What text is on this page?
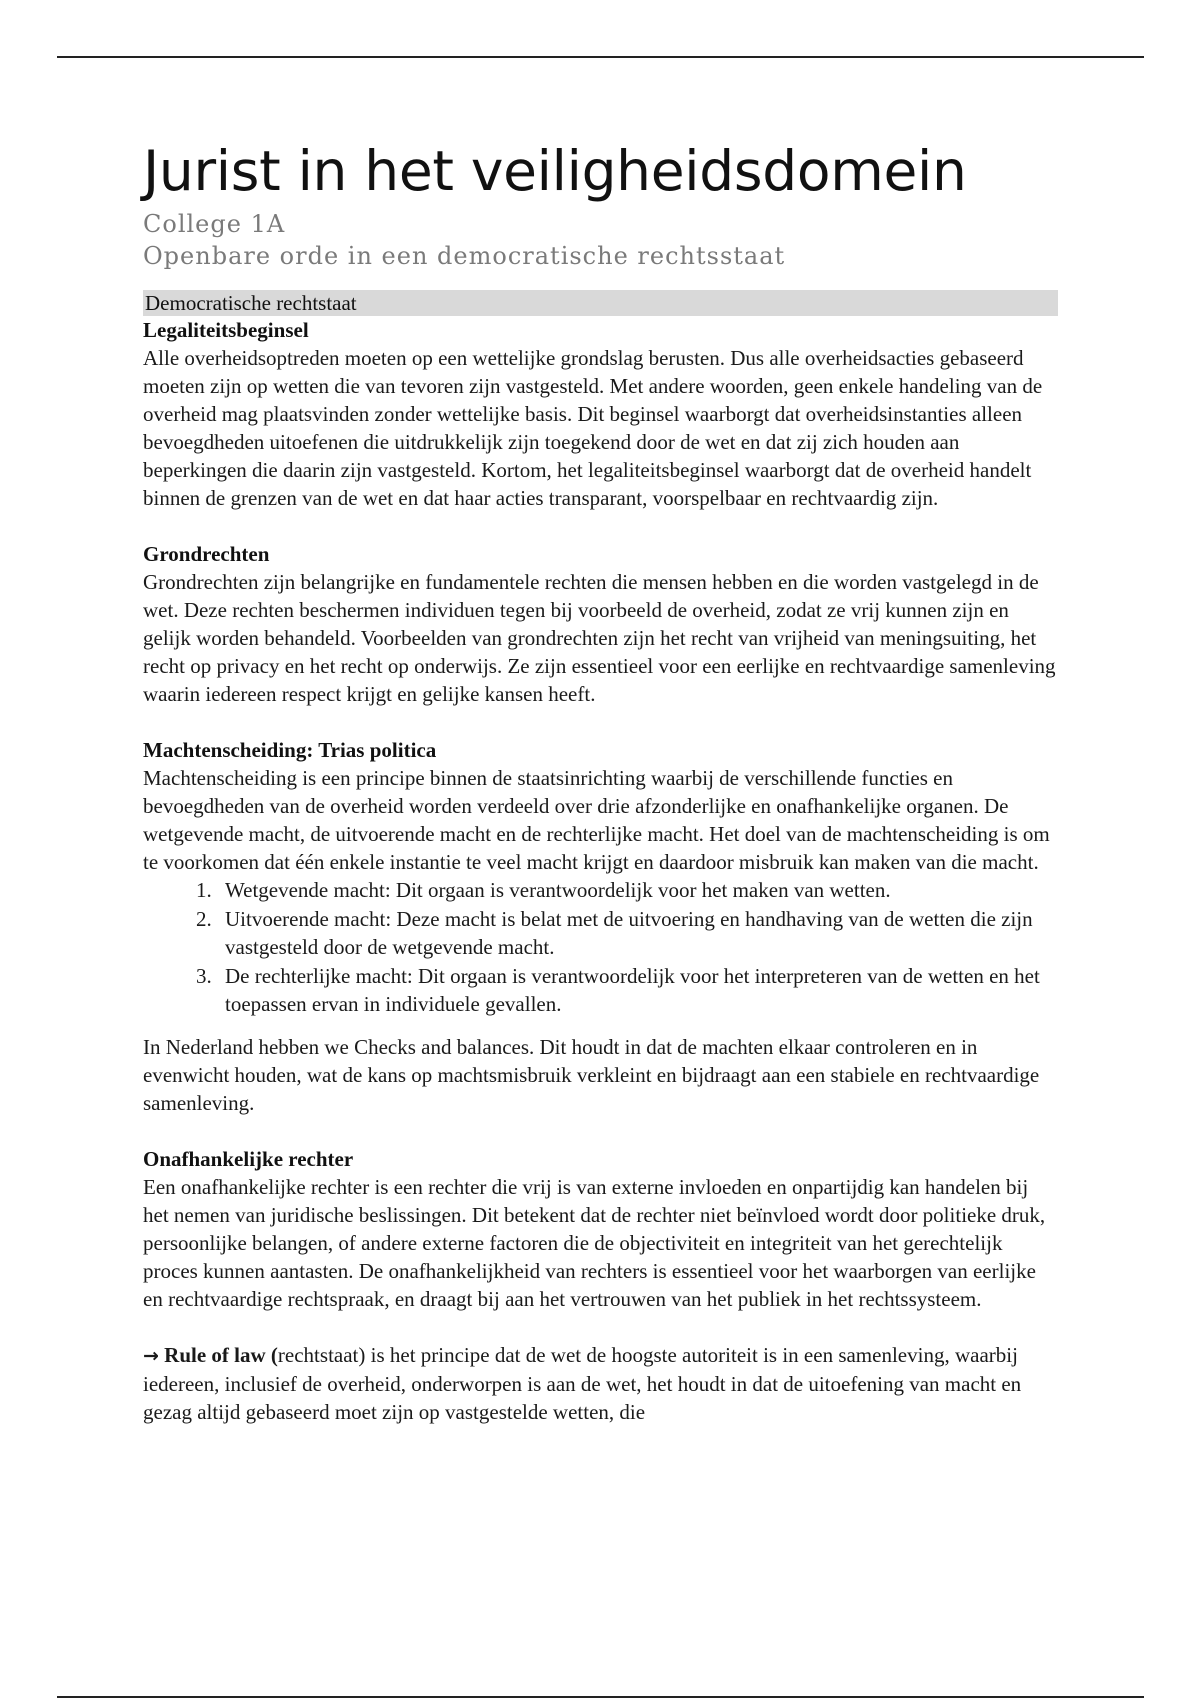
Jurist in het veiligheidsdomein
College 1A
Openbare orde in een democratische rechtsstaat
Democratische rechtstaat

Legaliteitsbeginsel

Alle overheidsoptreden moeten op een wettelijke grondslag berusten. Dus alle overheidsacties gebaseerd moeten zijn op wetten die van tevoren zijn vastgesteld. Met andere woorden, geen enkele handeling van de overheid mag plaatsvinden zonder wettelijke basis. Dit beginsel waarborgt dat overheidsinstanties alleen bevoegdheden uitoefenen die uitdrukkelijk zijn toegekend door de wet en dat zij zich houden aan beperkingen die daarin zijn vastgesteld. Kortom, het legaliteitsbeginsel waarborgt dat de overheid handelt binnen de grenzen van de wet en dat haar acties transparant, voorspelbaar en rechtvaardig zijn.

Grondrechten

Grondrechten zijn belangrijke en fundamentele rechten die mensen hebben en die worden vastgelegd in de wet. Deze rechten beschermen individuen tegen bij voorbeeld de overheid, zodat ze vrij kunnen zijn en gelijk worden behandeld. Voorbeelden van grondrechten zijn het recht van vrijheid van meningsuiting, het recht op privacy en het recht op onderwijs. Ze zijn essentieel voor een eerlijke en rechtvaardige samenleving waarin iedereen respect krijgt en gelijke kansen heeft.

Machtenscheiding: Trias politica

Machtenscheiding is een principe binnen de staatsinrichting waarbij de verschillende functies en bevoegdheden van de overheid worden verdeeld over drie afzonderlijke en onafhankelijke organen. De wetgevende macht, de uitvoerende macht en de rechterlijke macht. Het doel van de machtenscheiding is om te voorkomen dat één enkele instantie te veel macht krijgt en daardoor misbruik kan maken van die macht.

1. Wetgevende macht: Dit orgaan is verantwoordelijk voor het maken van wetten.
2. Uitvoerende macht: Deze macht is belat met de uitvoering en handhaving van de wetten die zijn vastgesteld door de wetgevende macht.
3. De rechterlijke macht: Dit orgaan is verantwoordelijk voor het interpreteren van de wetten en het toepassen ervan in individuele gevallen.

In Nederland hebben we Checks and balances. Dit houdt in dat de machten elkaar controleren en in evenwicht houden, wat de kans op machtsmisbruik verkleint en bijdraagt aan een stabiele en rechtvaardige samenleving.

Onafhankelijke rechter

Een onafhankelijke rechter is een rechter die vrij is van externe invloeden en onpartijdig kan handelen bij het nemen van juridische beslissingen. Dit betekent dat de rechter niet beïnvloed wordt door politieke druk, persoonlijke belangen, of andere externe factoren die de objectiviteit en integriteit van het gerechtelijk proces kunnen aantasten. De onafhankelijkheid van rechters is essentieel voor het waarborgen van eerlijke en rechtvaardige rechtspraak, en draagt bij aan het vertrouwen van het publiek in het rechtssysteem.

→ Rule of law (rechtstaat) is het principe dat de wet de hoogste autoriteit is in een samenleving, waarbij iedereen, inclusief de overheid, onderworpen is aan de wet, het houdt in dat de uitoefening van macht en gezag altijd gebaseerd moet zijn op vastgestelde wetten, die
